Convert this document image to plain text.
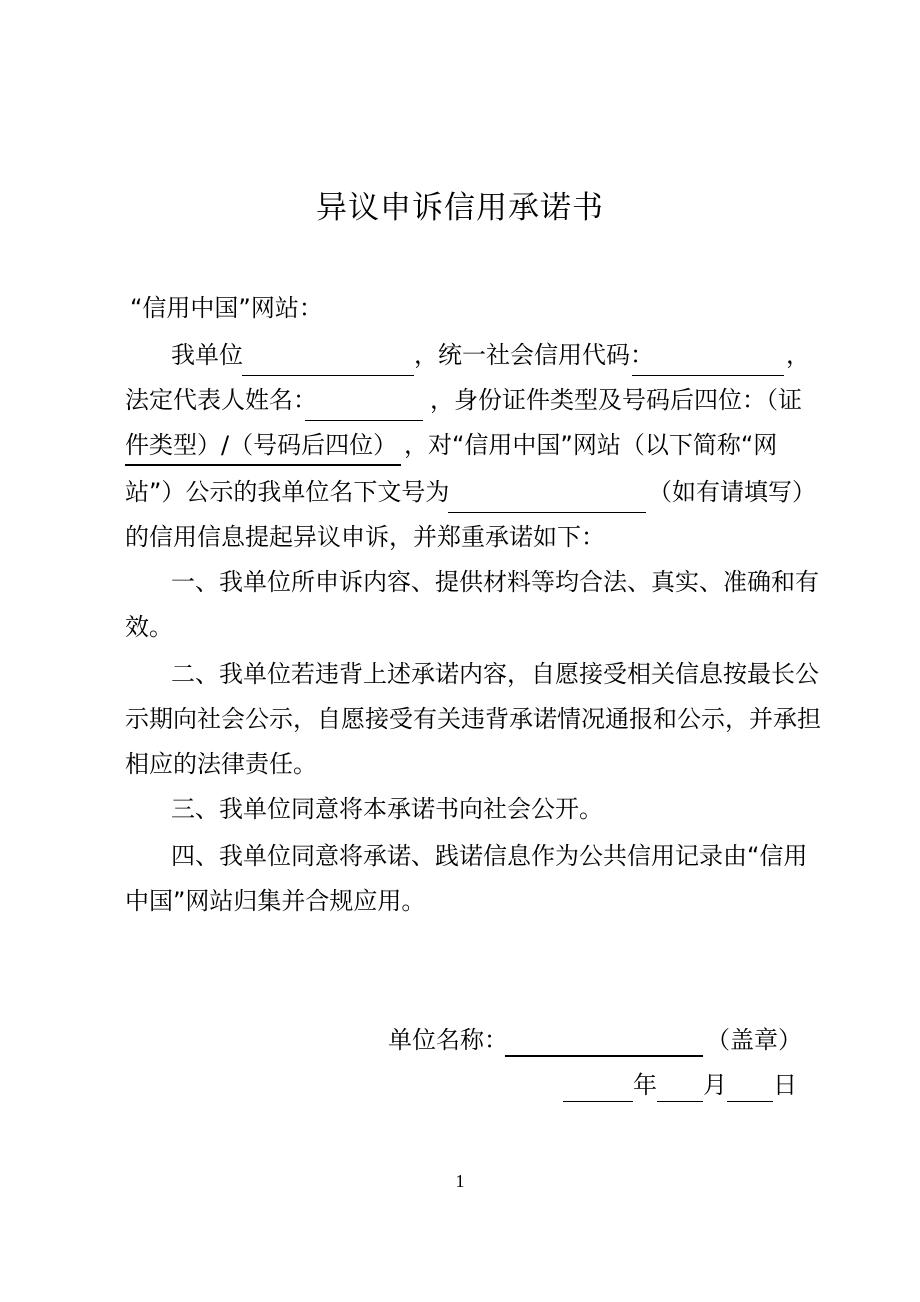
异议申诉信用承诺书
“信用中国”网站：
我单位	，统一社会信用代码：	，
法定代表人姓名：	，身份证件类型及号码后四位：（证
件类型）/（号码后四位） ，对“信用中国”网站（以下简称“网
站”）公示的我单位名下文号为	（如有请填写）
的信用信息提起异议申诉，并郑重承诺如下：
一、我单位所申诉内容、提供材料等均合法、真实、准确和有
效。
二、我单位若违背上述承诺内容，自愿接受相关信息按最长公
示期向社会公示，自愿接受有关违背承诺情况通报和公示，并承担
相应的法律责任。
三、我单位同意将本承诺书向社会公开。
四、我单位同意将承诺、践诺信息作为公共信用记录由“信用
中国”网站归集并合规应用。
单位名称：	（盖章）
年 月 日
1
